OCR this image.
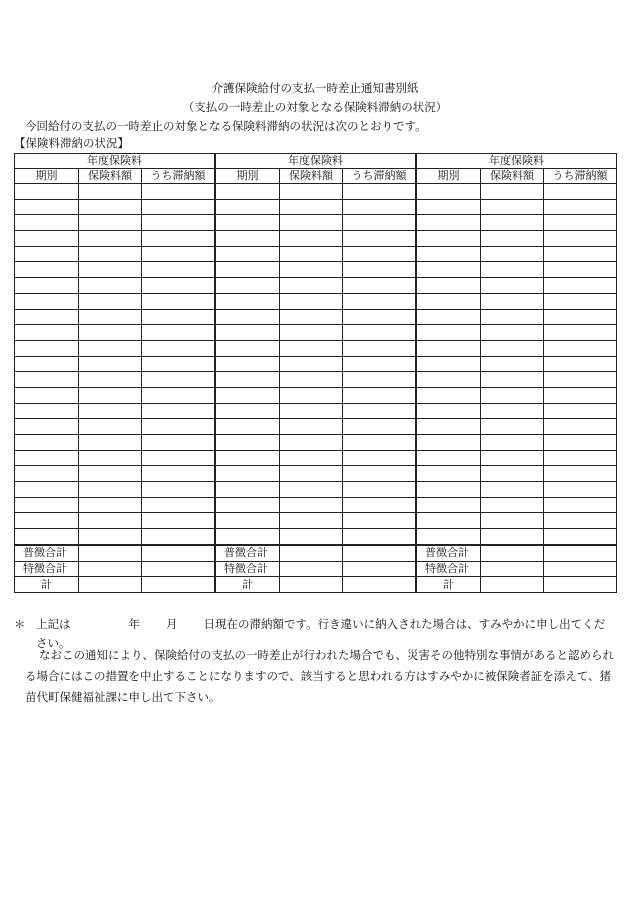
介護保険給付の支払一時差止通知書別紙
（支払の一時差止の対象となる保険料滞納の状況）
今回給付の支払の一時差止の対象となる保険料滞納の状況は次のとおりです。
【保険料滞納の状況】
年度保険料			年度保険料			年度保険料		
期別	保険料額	うち滞納額		期別	保険料額	うち滞納額		期別	保険料額	うち滞納額

普徴合計				普徴合計				普徴合計		
特徴合計				特徴合計				特徴合計		
計				計				計		
＊ 上記は	年 月 日現在の滞納額です。行き違いに納入された場合は、すみやかに申し出てください。
なおこの通知により、保険給付の支払の一時差止が行われた場合でも、災害その他特別な事情があると認められる場合にはこの措置を中止することになりますので、該当すると思われる方はすみやかに被保険者証を添えて、猪苗代町保健福祉課に申し出て下さい。
